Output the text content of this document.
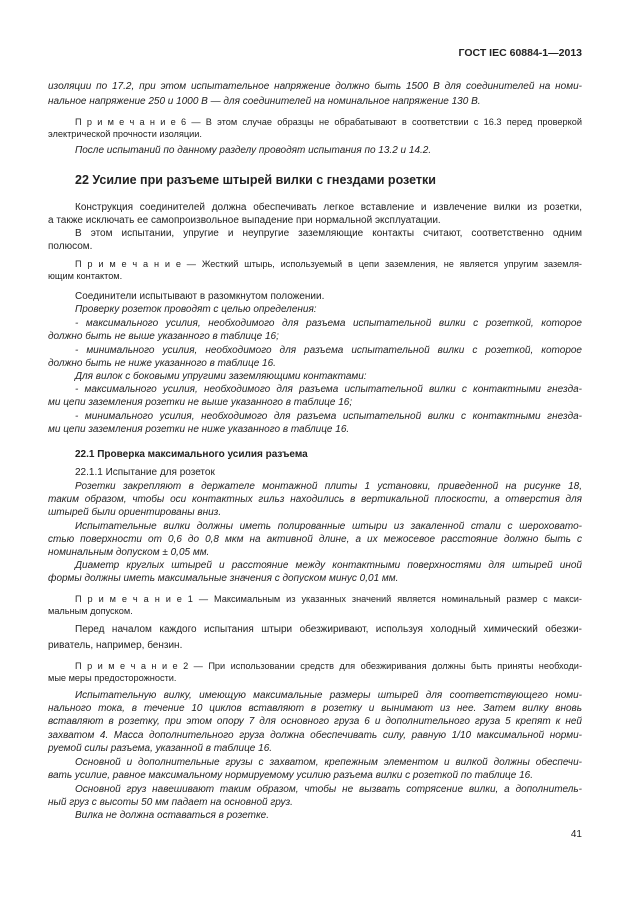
ГОСТ IEC 60884-1—2013
изоляции по 17.2, при этом испытательное напряжение должно быть 1500 В для соединителей на номи-
нальное напряжение 250 и 1000 В — для соединителей на номинальное напряжение 130 В.
П р и м е ч а н и е 6 — В этом случае образцы не обрабатывают в соответствии с 16.3 перед проверкой
электрической прочности изоляции.
После испытаний по данному разделу проводят испытания по 13.2 и 14.2.
22 Усилие при разъеме штырей вилки с гнездами розетки
Конструкция соединителей должна обеспечивать легкое вставление и извлечение вилки из розетки,
а также исключать ее самопроизвольное выпадение при нормальной эксплуатации.
В этом испытании, упругие и неупругие заземляющие контакты считают, соответственно одним
полюсом.
П р и м е ч а н и е — Жесткий штырь, используемый в цепи заземления, не является упругим заземля-
ющим контактом.
Соединители испытывают в разомкнутом положении.
Проверку розеток проводят с целью определения:
- максимального усилия, необходимого для разъема испытательной вилки с розеткой, которое
должно быть не выше указанного в таблице 16;
- минимального усилия, необходимого для разъема испытательной вилки с розеткой, которое
должно быть не ниже указанного в таблице 16.
Для вилок с боковыми упругими заземляющими контактами:
- максимального усилия, необходимого для разъема испытательной вилки с контактными гнезда-
ми цепи заземления розетки не выше указанного в таблице 16;
- минимального усилия, необходимого для разъема испытательной вилки с контактными гнезда-
ми цепи заземления розетки не ниже указанного в таблице 16.
22.1 Проверка максимального усилия разъема
22.1.1 Испытание для розеток
Розетки закрепляют в держателе монтажной плиты 1 установки, приведенной на рисунке 18,
таким образом, чтобы оси контактных гильз находились в вертикальной плоскости, а отверстия для
штырей были ориентированы вниз.
Испытательные вилки должны иметь полированные штыри из закаленной стали с шероховато-
стью поверхности от 0,6 до 0,8 мкм на активной длине, а их межосевое расстояние должно быть с
номинальным допуском ± 0,05 мм.
Диаметр круглых штырей и расстояние между контактными поверхностями для штырей иной
формы должны иметь максимальные значения с допуском минус 0,01 мм.
П р и м е ч а н и е 1 — Максимальным из указанных значений является номинальный размер с макси-
мальным допуском.
Перед началом каждого испытания штыри обезжиривают, используя холодный химический обезжи-
риватель, например, бензин.
П р и м е ч а н и е 2 — При использовании средств для обезжиривания должны быть приняты необходи-
мые меры предосторожности.
Испытательную вилку, имеющую максимальные размеры штырей для соответствующего номи-
нального тока, в течение 10 циклов вставляют в розетку и вынимают из нее. Затем вилку вновь
вставляют в розетку, при этом опору 7 для основного груза 6 и дополнительного груза 5 крепят к ней
захватом 4. Масса дополнительного груза должна обеспечивать силу, равную 1/10 максимальной норми-
руемой силы разъема, указанной в таблице 16.
Основной и дополнительные грузы с захватом, крепежным элементом и вилкой должны обеспечи-
вать усилие, равное максимальному нормируемому усилию разъема вилки с розеткой по таблице 16.
Основной груз навешивают таким образом, чтобы не вызвать сотрясение вилки, а дополнитель-
ный груз с высоты 50 мм падает на основной груз.
Вилка не должна оставаться в розетке.
41
